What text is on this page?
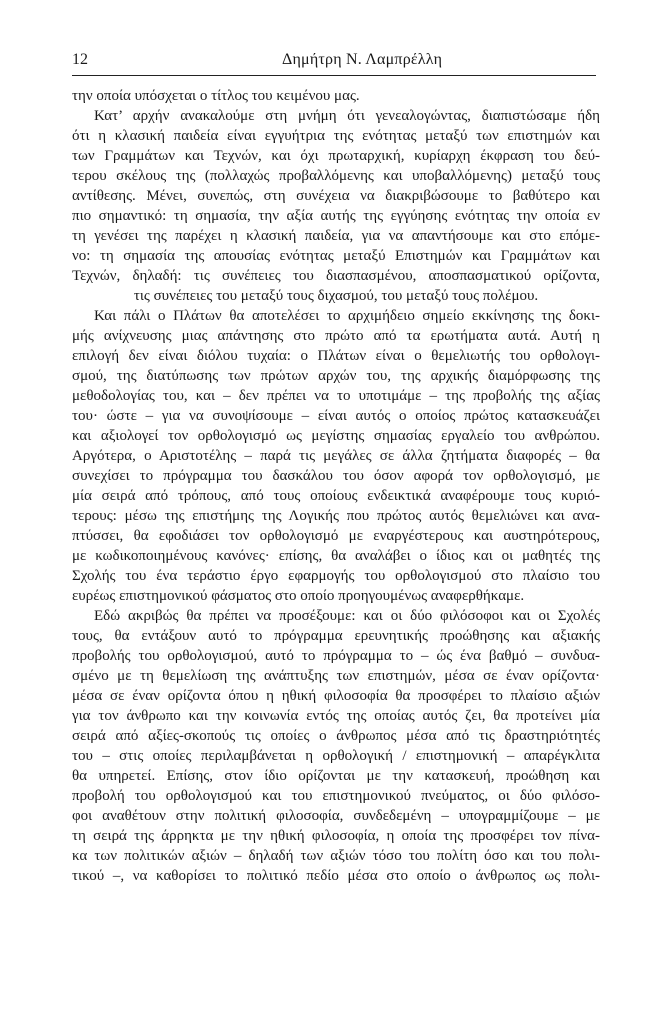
12	Δημήτρη Ν. Λαμπρέλλη
την οποία υπόσχεται ο τίτλος του κειμένου μας.
Κατ’ αρχήν ανακαλούμε στη μνήμη ότι γενεαλογώντας, διαπιστώσαμε ήδη
ότι η κλασική παιδεία είναι εγγυήτρια της ενότητας μεταξύ των επιστημών και
των Γραμμάτων και Τεχνών, και όχι πρωταρχική, κυρίαρχη έκφραση του δεύ-
τερου σκέλους της (πολλαχώς προβαλλόμενης και υποβαλλόμενης) μεταξύ τους
αντίθεσης. Μένει, συνεπώς, στη συνέχεια να διακριβώσουμε το βαθύτερο και
πιο σημαντικό: τη σημασία, την αξία αυτής της εγγύησης ενότητας την οποία εν
τη γενέσει της παρέχει η κλασική παιδεία, για να απαντήσουμε και στο επόμε-
νο: τη σημασία της απουσίας ενότητας μεταξύ Επιστημών και Γραμμάτων και
Τεχνών, δηλαδή: τις συνέπειες του διασπασμένου, αποσπασματικού ορίζοντα,
τις συνέπειες του μεταξύ τους διχασμού, του μεταξύ τους πολέμου.
Και πάλι ο Πλάτων θα αποτελέσει το αρχιμήδειο σημείο εκκίνησης της δοκι-
μής ανίχνευσης μιας απάντησης στο πρώτο από τα ερωτήματα αυτά. Αυτή η
επιλογή δεν είναι διόλου τυχαία: ο Πλάτων είναι ο θεμελιωτής του ορθολογι-
σμού, της διατύπωσης των πρώτων αρχών του, της αρχικής διαμόρφωσης της
μεθοδολογίας του, και – δεν πρέπει να το υποτιμάμε – της προβολής της αξίας
του· ώστε – για να συνοψίσουμε – είναι αυτός ο οποίος πρώτος κατασκευάζει
και αξιολογεί τον ορθολογισμό ως μεγίστης σημασίας εργαλείο του ανθρώπου.
Αργότερα, ο Αριστοτέλης – παρά τις μεγάλες σε άλλα ζητήματα διαφορές – θα
συνεχίσει το πρόγραμμα του δασκάλου του όσον αφορά τον ορθολογισμό, με
μία σειρά από τρόπους, από τους οποίους ενδεικτικά αναφέρουμε τους κυριό-
τερους: μέσω της επιστήμης της Λογικής που πρώτος αυτός θεμελιώνει και ανα-
πτύσσει, θα εφοδιάσει τον ορθολογισμό με εναργέστερους και αυστηρότερους,
με κωδικοποιημένους κανόνες· επίσης, θα αναλάβει ο ίδιος και οι μαθητές της
Σχολής του ένα τεράστιο έργο εφαρμογής του ορθολογισμού στο πλαίσιο του
ευρέως επιστημονικού φάσματος στο οποίο προηγουμένως αναφερθήκαμε.
Εδώ ακριβώς θα πρέπει να προσέξουμε: και οι δύο φιλόσοφοι και οι Σχολές
τους, θα εντάξουν αυτό το πρόγραμμα ερευνητικής προώθησης και αξιακής
προβολής του ορθολογισμού, αυτό το πρόγραμμα το – ώς ένα βαθμό – συνδυα-
σμένο με τη θεμελίωση της ανάπτυξης των επιστημών, μέσα σε έναν ορίζοντα·
μέσα σε έναν ορίζοντα όπου η ηθική φιλοσοφία θα προσφέρει το πλαίσιο αξιών
για τον άνθρωπο και την κοινωνία εντός της οποίας αυτός ζει, θα προτείνει μία
σειρά από αξίες-σκοπούς τις οποίες ο άνθρωπος μέσα από τις δραστηριότητές
του – στις οποίες περιλαμβάνεται η ορθολογική / επιστημονική – απαρέγκλιτα
θα υπηρετεί. Επίσης, στον ίδιο ορίζονται με την κατασκευή, προώθηση και
προβολή του ορθολογισμού και του επιστημονικού πνεύματος, οι δύο φιλόσο-
φοι αναθέτουν στην πολιτική φιλοσοφία, συνδεδεμένη – υπογραμμίζουμε – με
τη σειρά της άρρηκτα με την ηθική φιλοσοφία, η οποία της προσφέρει τον πίνα-
κα των πολιτικών αξιών – δηλαδή των αξιών τόσο του πολίτη όσο και του πολι-
τικού –, να καθορίσει το πολιτικό πεδίο μέσα στο οποίο ο άνθρωπος ως πολι-
